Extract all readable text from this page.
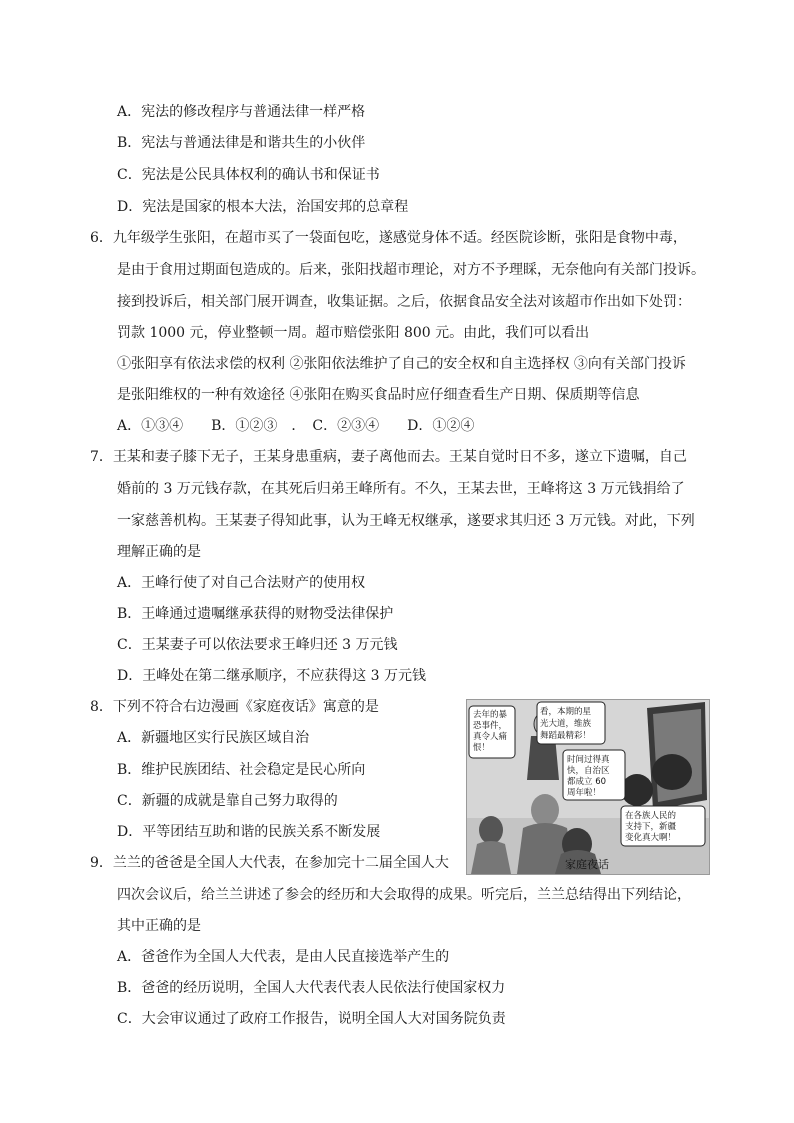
A．宪法的修改程序与普通法律一样严格
B．宪法与普通法律是和谐共生的小伙伴
C．宪法是公民具体权利的确认书和保证书
D．宪法是国家的根本大法，治国安邦的总章程
6．九年级学生张阳，在超市买了一袋面包吃，遂感觉身体不适。经医院诊断，张阳是食物中毒，
是由于食用过期面包造成的。后来，张阳找超市理论，对方不予理睬，无奈他向有关部门投诉。
接到投诉后，相关部门展开调查，收集证据。之后，依据食品安全法对该超市作出如下处罚：
罚款 1000 元，停业整顿一周。超市赔偿张阳 800 元。由此，我们可以看出
①张阳享有依法求偿的权利 ②张阳依法维护了自己的安全权和自主选择权 ③向有关部门投诉
是张阳维权的一种有效途径 ④张阳在购买食品时应仔细查看生产日期、保质期等信息
A．①③④　　B．①②③　．　C．②③④　　D．①②④
7．王某和妻子膝下无子，王某身患重病，妻子离他而去。王某自觉时日不多，遂立下遗嘱，自己
婚前的 3 万元钱存款，在其死后归弟王峰所有。不久，王某去世，王峰将这 3 万元钱捐给了
一家慈善机构。王某妻子得知此事，认为王峰无权继承，遂要求其归还 3 万元钱。对此，下列
理解正确的是
A．王峰行使了对自己合法财产的使用权
B．王峰通过遗嘱继承获得的财物受法律保护
C．王某妻子可以依法要求王峰归还 3 万元钱
D．王峰处在第二继承顺序，不应获得这 3 万元钱
8．下列不符合右边漫画《家庭夜话》寓意的是
A．新疆地区实行民族区域自治
B．维护民族团结、社会稳定是民心所向
C．新疆的成就是靠自己努力取得的
D．平等团结互助和谐的民族关系不断发展
去年的暴
恐事件，
真令人痛
恨！
看，本期的星
光大道，维族
舞蹈最精彩！
时间过得真
快，自治区
都成立 60
周年啦！
在各族人民的
支持下，新疆
变化真大啊！
家庭夜话
9．兰兰的爸爸是全国人大代表，在参加完十二届全国人大
四次会议后，给兰兰讲述了参会的经历和大会取得的成果。听完后，兰兰总结得出下列结论，
其中正确的是
A．爸爸作为全国人大代表，是由人民直接选举产生的
B．爸爸的经历说明，全国人大代表代表人民依法行使国家权力
C．大会审议通过了政府工作报告，说明全国人大对国务院负责
